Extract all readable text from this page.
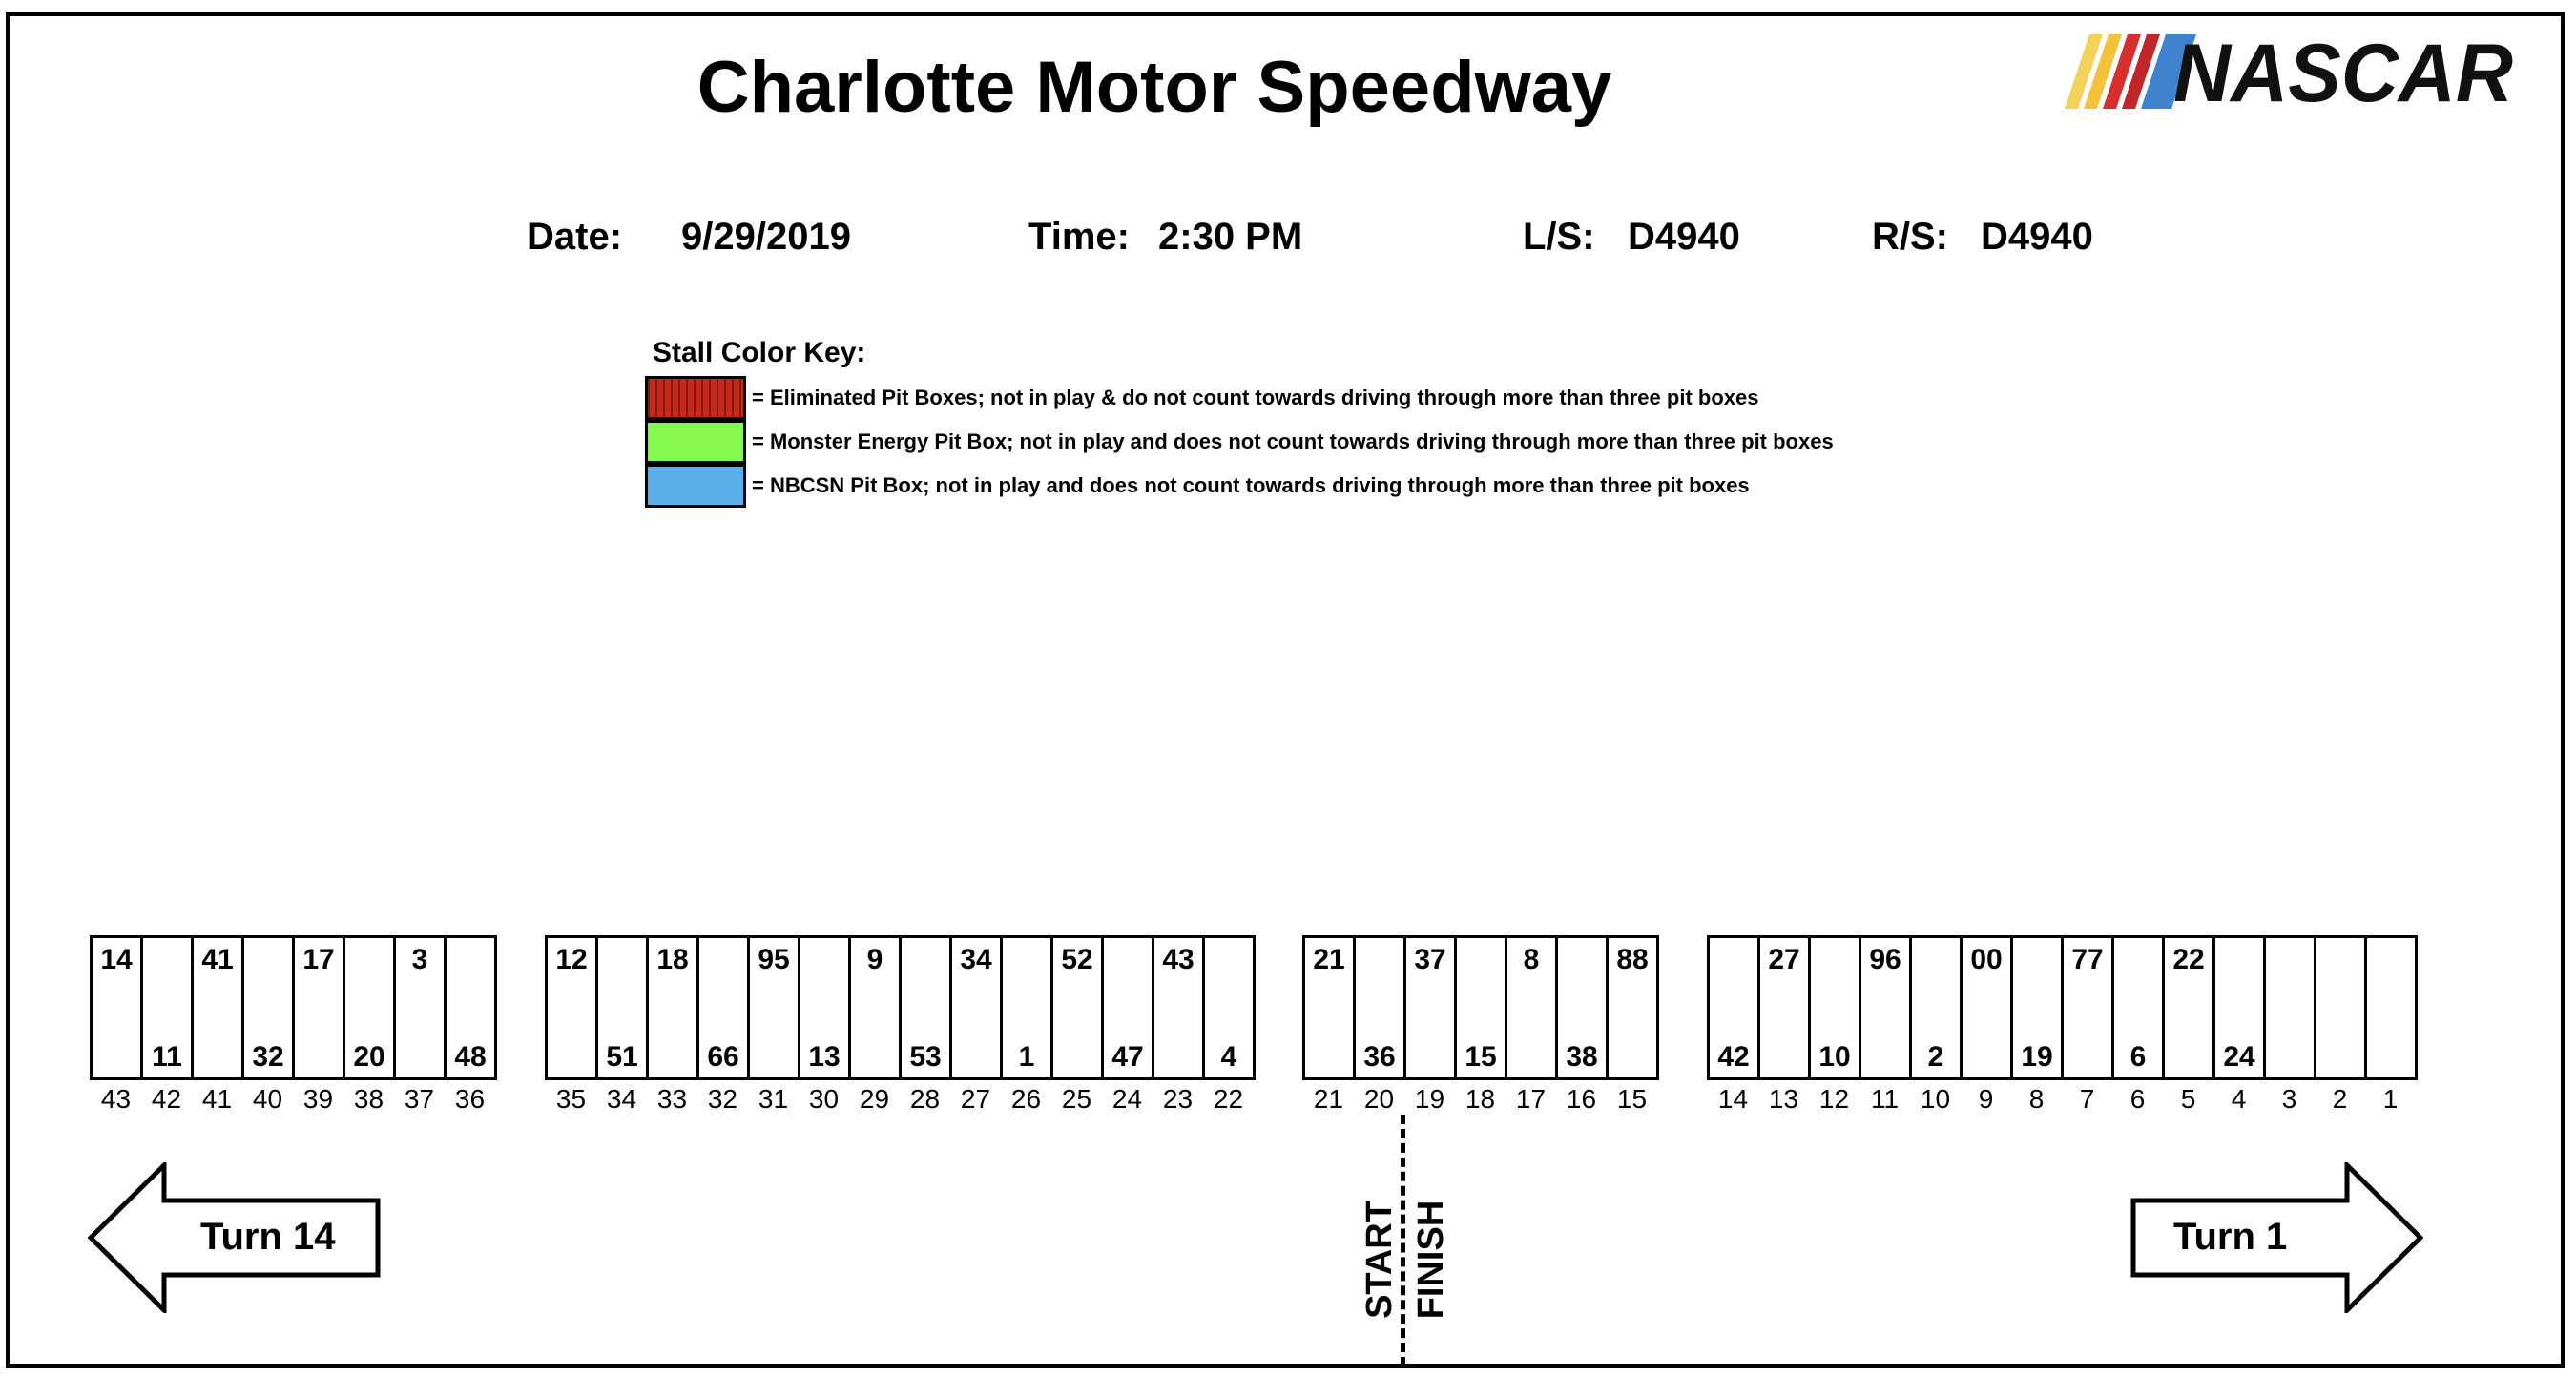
Charlotte Motor Speedway	NASCAR
Date: 9/29/2019	Time: 2:30 PM	L/S: D4940	R/S: D4940
Stall Color Key:
= Eliminated Pit Boxes; not in play & do not count towards driving through more than three pit boxes
= Monster Energy Pit Box; not in play and does not count towards driving through more than three pit boxes
= NBCSN Pit Box; not in play and does not count towards driving through more than three pit boxes
14
43
11
42
41
41
32
40
17
39
20
38
3
37
48
36
12
35
51
34
18
33
66
32
95
31
13
30
9
29
53
28
34
27
1
26
52
25
47
24
43
23
4
22
21
21
36
20
37
19
15
18
8
17
38
16
88
15
42
14
27
13
10
12
96
11
2
10
00
9
19
8
77
7
6
6
22
5
24
4	3	2	1
START FINISH
Turn 14	Turn 1
